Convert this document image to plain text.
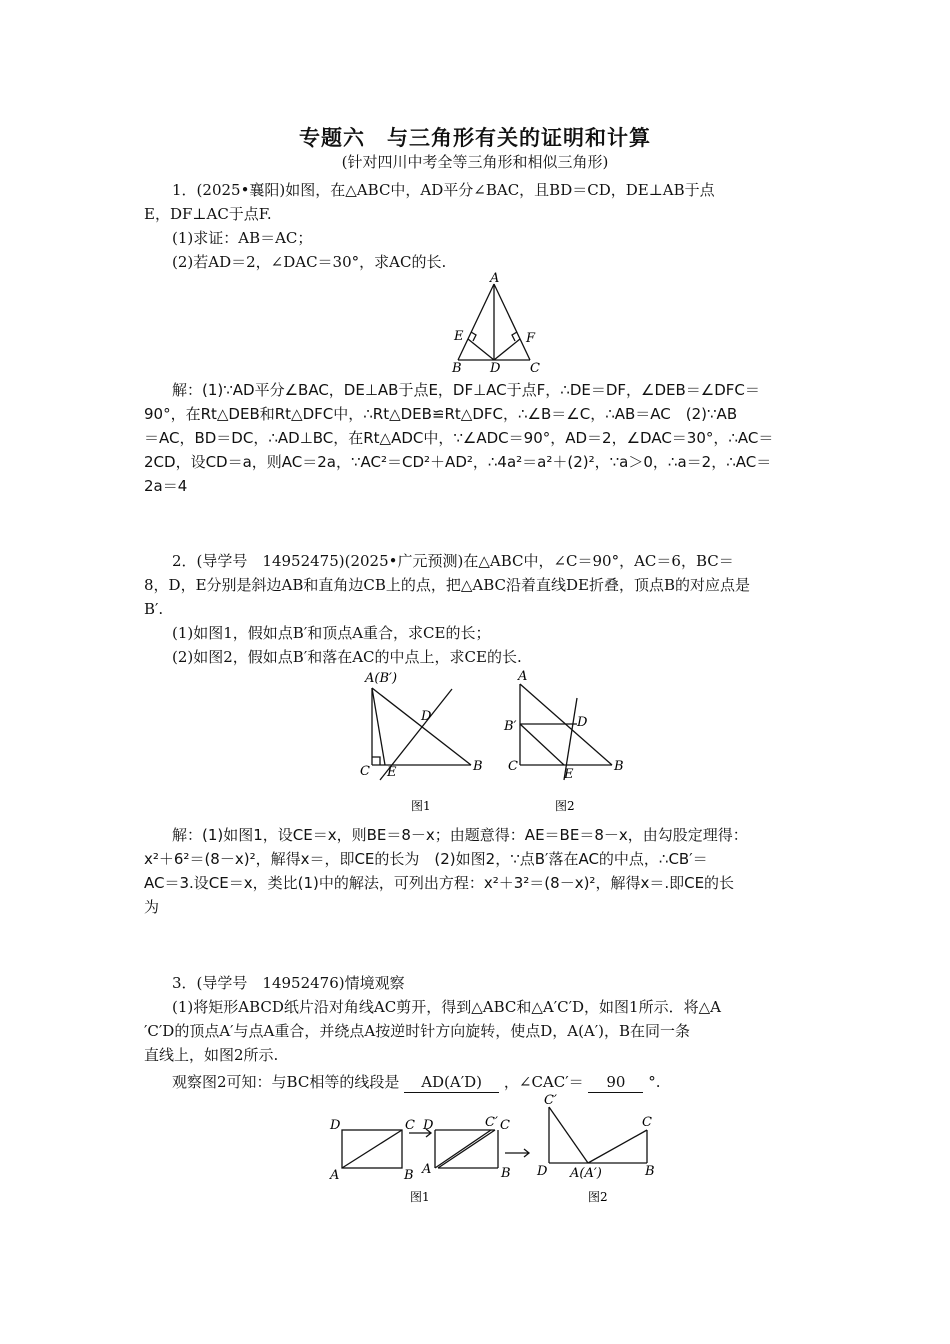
专题六　与三角形有关的证明和计算
(针对四川中考全等三角形和相似三角形)
1．(2025•襄阳)如图，在△ABC中，AD平分∠BAC，且BD＝CD，DE⊥AB于点
E，DF⊥AC于点F.
(1)求证：AB＝AC；
(2)若AD＝2，∠DAC＝30°，求AC的长.
A
E	F
B D C
解：(1)∵AD平分∠BAC，DE⊥AB于点E，DF⊥AC于点F，∴DE＝DF，∠DEB＝∠DFC＝
90°，在Rt△DEB和Rt△DFC中，∴Rt△DEB≌Rt△DFC，∴∠B＝∠C，∴AB＝AC　(2)∵AB
＝AC，BD＝DC，∴AD⊥BC，在Rt△ADC中，∵∠ADC＝90°，AD＝2，∠DAC＝30°，∴AC＝
2CD，设CD＝a，则AC＝2a，∵AC²＝CD²＋AD²，∴4a²＝a²＋(2)²，∵a＞0，∴a＝2，∴AC＝
2a＝4
2．(导学号　14952475)(2025•广元预测)在△ABC中，∠C＝90°，AC＝6，BC＝
8，D，E分别是斜边AB和直角边CB上的点，把△ABC沿着直线DE折叠，顶点B的对应点是
B′.
(1)如图1，假如点B′和顶点A重合，求CE的长；
(2)如图2，假如点B′和落在AC的中点上，求CE的长.
A(B′)
D
C E	B
图1
A
B′	D
C
E
B
图2
解：(1)如图1，设CE＝x，则BE＝8－x；由题意得：AE＝BE＝8－x，由勾股定理得：
x²＋6²＝(8－x)²，解得x＝，即CE的长为　(2)如图2，∵点B′落在AC的中点，∴CB′＝
AC＝3.设CE＝x，类比(1)中的解法，可列出方程：x²＋3²＝(8－x)²，解得x＝.即CE的长
为
3．(导学号　14952476)情境观察
(1)将矩形ABCD纸片沿对角线AC剪开，得到△ABC和△A′C′D，如图1所示．将△A
′C′D的顶点A′与点A重合，并绕点A按逆时针方向旋转，使点D，A(A′)，B在同一条
直线上，如图2所示.
观察图2可知：与BC相等的线段是 AD(A′D) ，∠CAC′＝ 90 °.
D	C
A	B
D	C′ C
A	B
C′
C
D A(A′)	B
图1	图2
